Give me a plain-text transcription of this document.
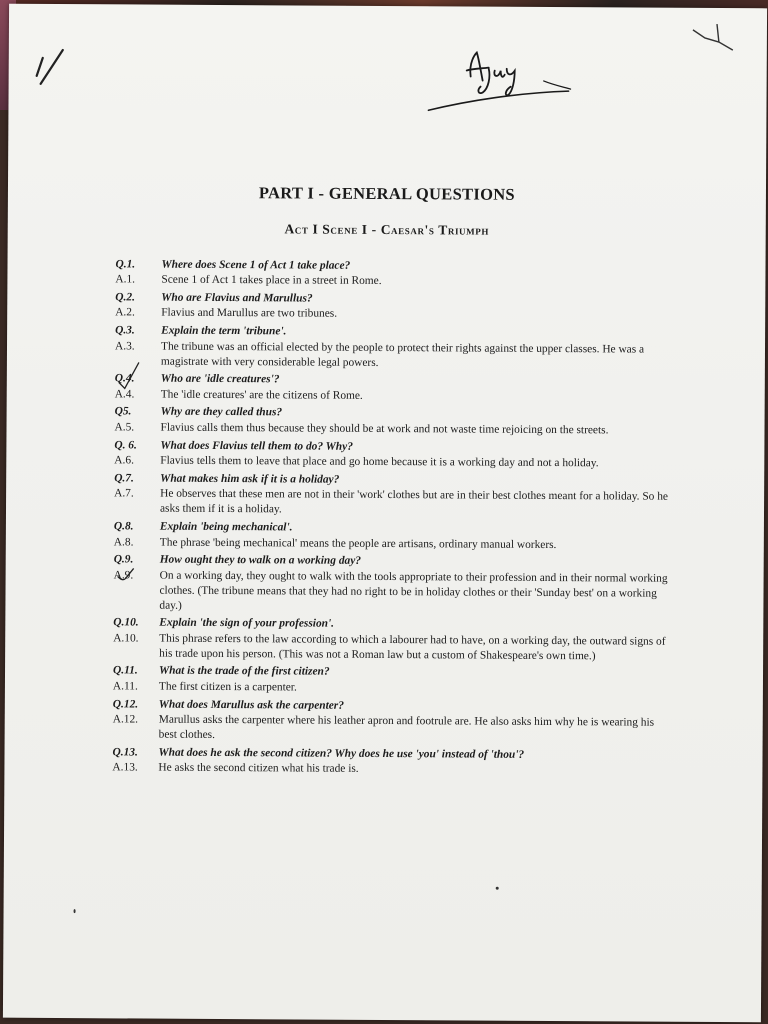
PART I - GENERAL QUESTIONS
Act I Scene I - Caesar's Triumph
Q.1.	Where does Scene 1 of Act 1 take place?
A.1.	Scene 1 of Act 1 takes place in a street in Rome.
Q.2.	Who are Flavius and Marullus?
A.2.	Flavius and Marullus are two tribunes.
Q.3.	Explain the term 'tribune'.
A.3.	The tribune was an official elected by the people to protect their rights against the upper classes. He was a magistrate with very considerable legal powers.
Q.4.	Who are 'idle creatures'?
A.4.	The 'idle creatures' are the citizens of Rome.
Q5.	Why are they called thus?
A.5.	Flavius calls them thus because they should be at work and not waste time rejoicing on the streets.
Q. 6.	What does Flavius tell them to do? Why?
A.6.	Flavius tells them to leave that place and go home because it is a working day and not a holiday.
Q.7.	What makes him ask if it is a holiday?
A.7.	He observes that these men are not in their 'work' clothes but are in their best clothes meant for a holiday. So he asks them if it is a holiday.
Q.8.	Explain 'being mechanical'.
A.8.	The phrase 'being mechanical' means the people are artisans, ordinary manual workers.
Q.9.	How ought they to walk on a working day?
A.9.	On a working day, they ought to walk with the tools appropriate to their profession and in their normal working clothes. (The tribune means that they had no right to be in holiday clothes or their 'Sunday best' on a working day.)
Q.10.	Explain 'the sign of your profession'.
A.10.	This phrase refers to the law according to which a labourer had to have, on a working day, the outward signs of his trade upon his person. (This was not a Roman law but a custom of Shakespeare's own time.)
Q.11.	What is the trade of the first citizen?
A.11.	The first citizen is a carpenter.
Q.12.	What does Marullus ask the carpenter?
A.12.	Marullus asks the carpenter where his leather apron and footrule are. He also asks him why he is wearing his best clothes.
Q.13.	What does he ask the second citizen? Why does he use 'you' instead of 'thou'?
A.13.	He asks the second citizen what his trade is.
